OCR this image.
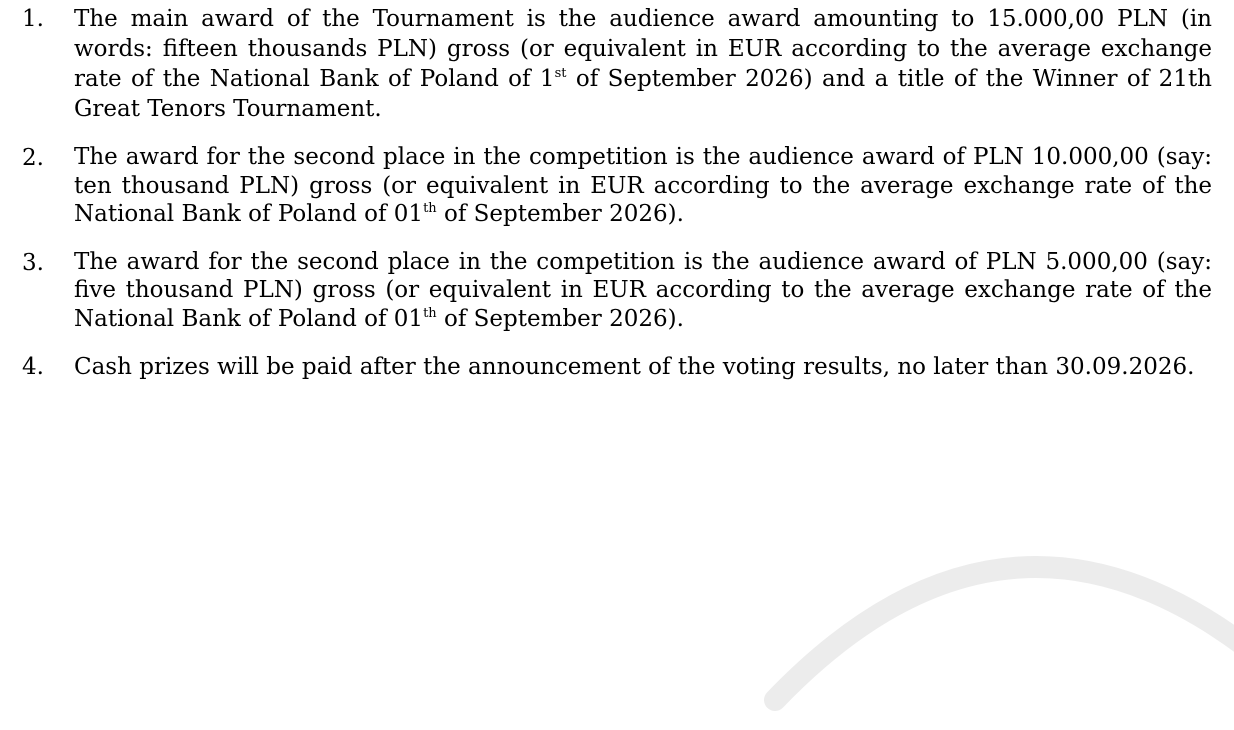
1.	The main award of the Tournament is the audience award amounting to 15.000,00 PLN (in words: fifteen thousands PLN) gross (or equivalent in EUR according to the average exchange rate of the National Bank of Poland of 1st of September 2026) and a title of the Winner of 21th Great Tenors Tournament.
2.	The award for the second place in the competition is the audience award of PLN 10.000,00 (say: ten thousand PLN) gross (or equivalent in EUR according to the average exchange rate of the National Bank of Poland of 01th of September 2026).
3.	The award for the second place in the competition is the audience award of PLN 5.000,00 (say: five thousand PLN) gross (or equivalent in EUR according to the average exchange rate of the National Bank of Poland of 01th of September 2026).
4.	Cash prizes will be paid after the announcement of the voting results, no later than 30.09.2026.
